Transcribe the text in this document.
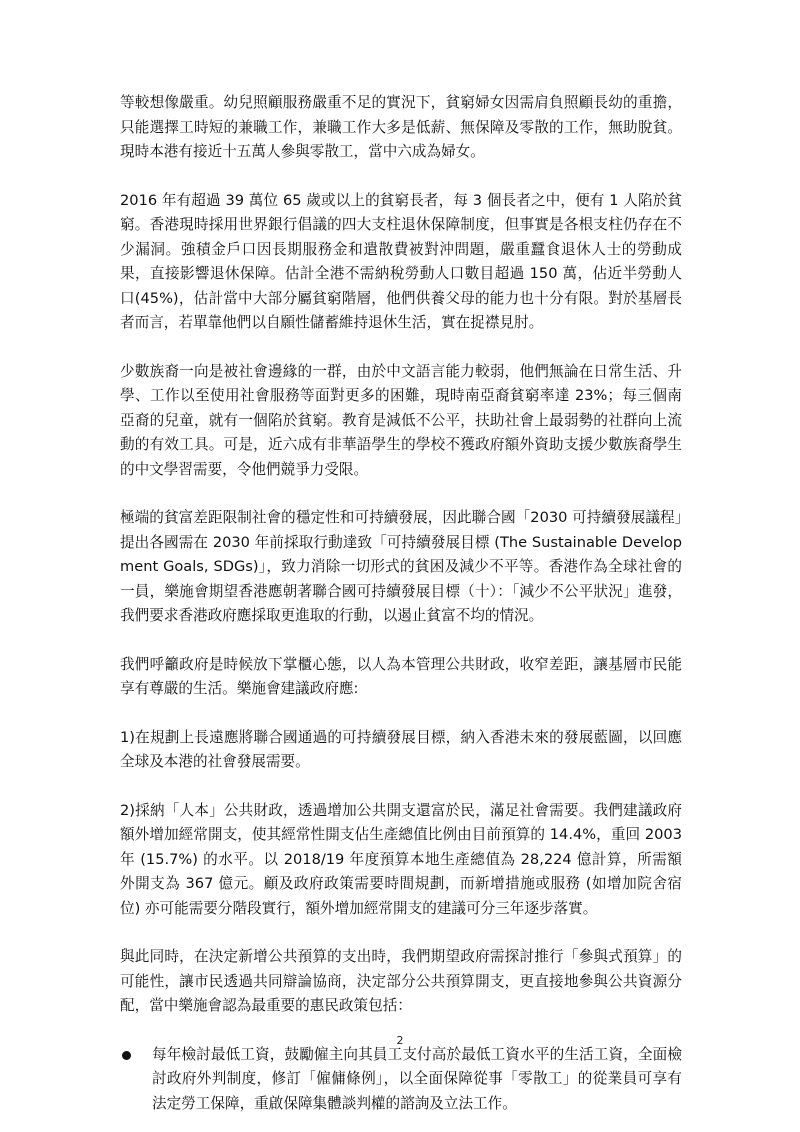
等較想像嚴重。幼兒照顧服務嚴重不足的實況下，貧窮婦女因需肩負照顧長幼的重擔，只能選擇工時短的兼職工作，兼職工作大多是低薪、無保障及零散的工作，無助脫貧。現時本港有接近十五萬人參與零散工，當中六成為婦女。

2016 年有超過 39 萬位 65 歲或以上的貧窮長者，每 3 個長者之中，便有 1 人陷於貧窮。香港現時採用世界銀行倡議的四大支柱退休保障制度，但事實是各根支柱仍存在不少漏洞。強積金戶口因長期服務金和遣散費被對沖問題，嚴重蠶食退休人士的勞動成果，直接影響退休保障。估計全港不需納稅勞動人口數目超過 150 萬，佔近半勞動人口(45%)，估計當中大部分屬貧窮階層，他們供養父母的能力也十分有限。對於基層長者而言，若單靠他們以自願性儲蓄維持退休生活，實在捉襟見肘。

少數族裔一向是被社會邊緣的一群，由於中文語言能力較弱，他們無論在日常生活、升學、工作以至使用社會服務等面對更多的困難，現時南亞裔貧窮率達 23%；每三個南亞裔的兒童，就有一個陷於貧窮。教育是減低不公平，扶助社會上最弱勢的社群向上流動的有效工具。可是，近六成有非華語學生的學校不獲政府額外資助支援少數族裔學生的中文學習需要，令他們競爭力受限。

極端的貧富差距限制社會的穩定性和可持續發展，因此聯合國「2030 可持續發展議程」提出各國需在 2030 年前採取行動達致「可持續發展目標 (The Sustainable Development Goals, SDGs)」，致力消除一切形式的貧困及減少不平等。香港作為全球社會的一員，樂施會期望香港應朝著聯合國可持續發展目標（十）：「減少不公平狀況」進發，我們要求香港政府應採取更進取的行動，以遏止貧富不均的情況。

我們呼籲政府是時候放下掌櫃心態，以人為本管理公共財政，收窄差距，讓基層市民能享有尊嚴的生活。樂施會建議政府應:

1)在規劃上長遠應將聯合國通過的可持續發展目標，納入香港未來的發展藍圖，以回應全球及本港的社會發展需要。

2)採納「人本」公共財政，透過增加公共開支還富於民，滿足社會需要。我們建議政府額外增加經常開支，使其經常性開支佔生產總值比例由目前預算的 14.4%，重回 2003 年 (15.7%) 的水平。以 2018/19 年度預算本地生產總值為 28,224 億計算，所需額外開支為 367 億元。顧及政府政策需要時間規劃，而新增措施或服務 (如增加院舍宿位) 亦可能需要分階段實行，額外增加經常開支的建議可分三年逐步落實。

與此同時，在決定新增公共預算的支出時，我們期望政府需探討推行「參與式預算」的可能性，讓市民透過共同辯論協商，決定部分公共預算開支，更直接地參與公共資源分配，當中樂施會認為最重要的惠民政策包括：

每年檢討最低工資，鼓勵僱主向其員工支付高於最低工資水平的生活工資，全面檢討政府外判制度，修訂「僱傭條例」，以全面保障從事「零散工」的從業員可享有法定勞工保障，重啟保障集體談判權的諮詢及立法工作。

2
